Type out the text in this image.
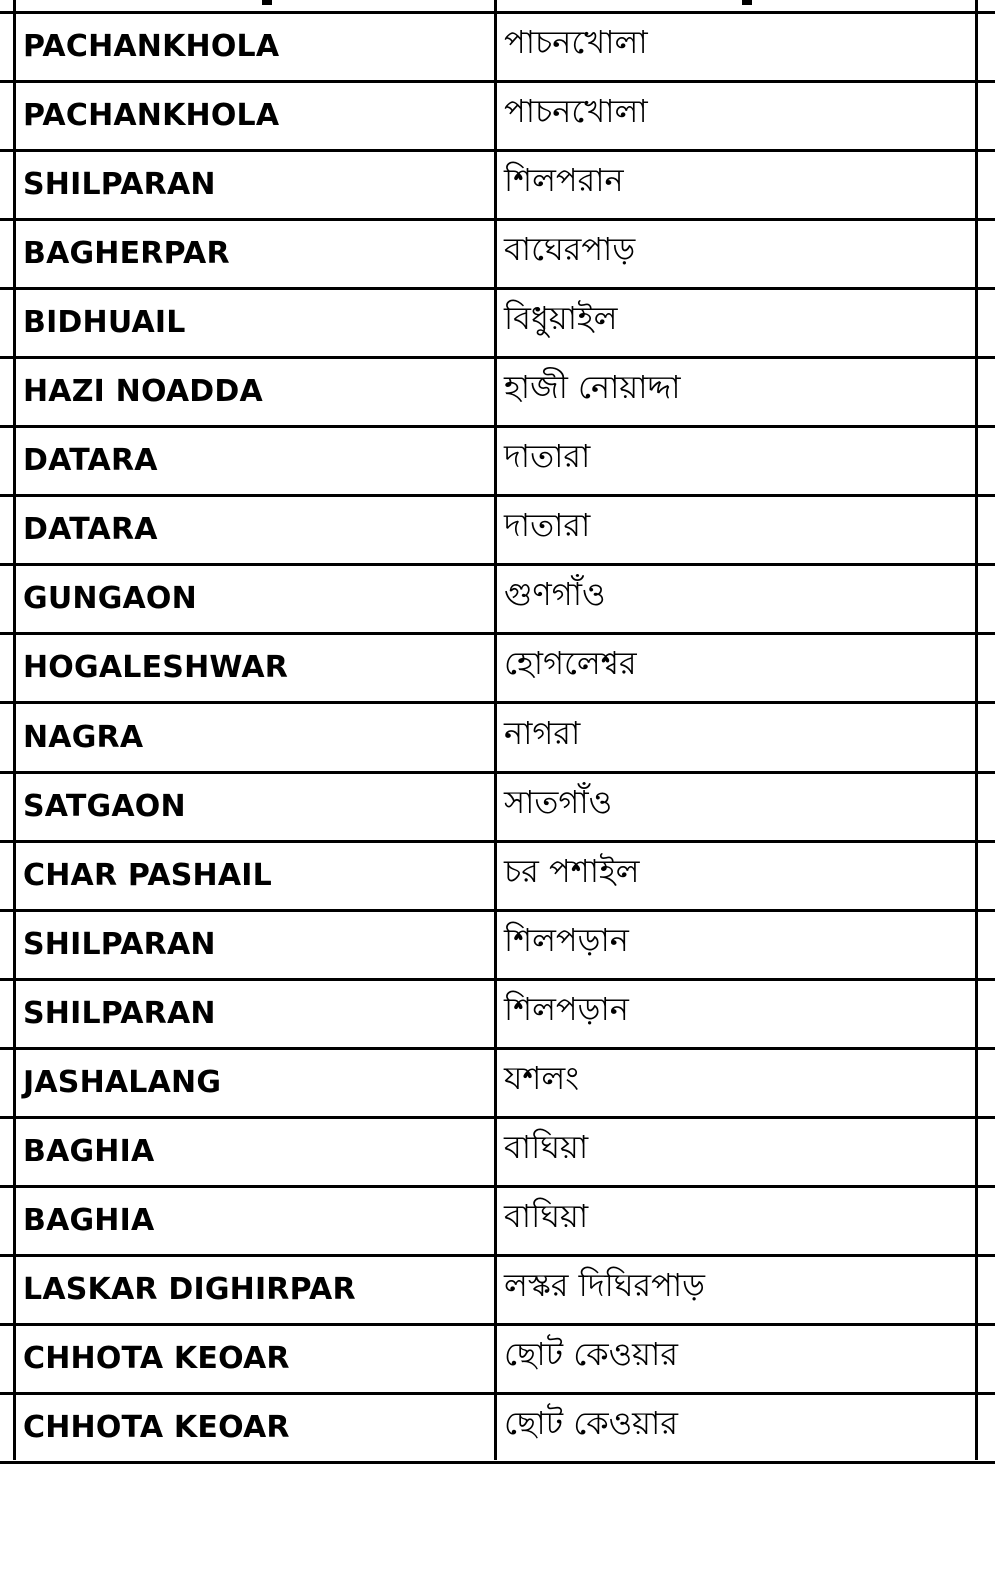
PACHANKHOLA	পাচনখোলা
PACHANKHOLA	পাচনখোলা
SHILPARAN	শিলপরান
BAGHERPAR	বাঘেরপাড়
BIDHUAIL	বিধুয়াইল
HAZI NOADDA	হাজী নোয়াদ্দা
DATARA	দাতারা
DATARA	দাতারা
GUNGAON	গুণগাঁও
HOGALESHWAR	হোগলেশ্বর
NAGRA	নাগরা
SATGAON	সাতগাঁও
CHAR PASHAIL	চর পশাইল
SHILPARAN	শিলপড়ান
SHILPARAN	শিলপড়ান
JASHALANG	যশলং
BAGHIA	বাঘিয়া
BAGHIA	বাঘিয়া
LASKAR DIGHIRPAR	লস্কর দিঘিরপাড়
CHHOTA KEOAR	ছোট কেওয়ার
CHHOTA KEOAR	ছোট কেওয়ার
